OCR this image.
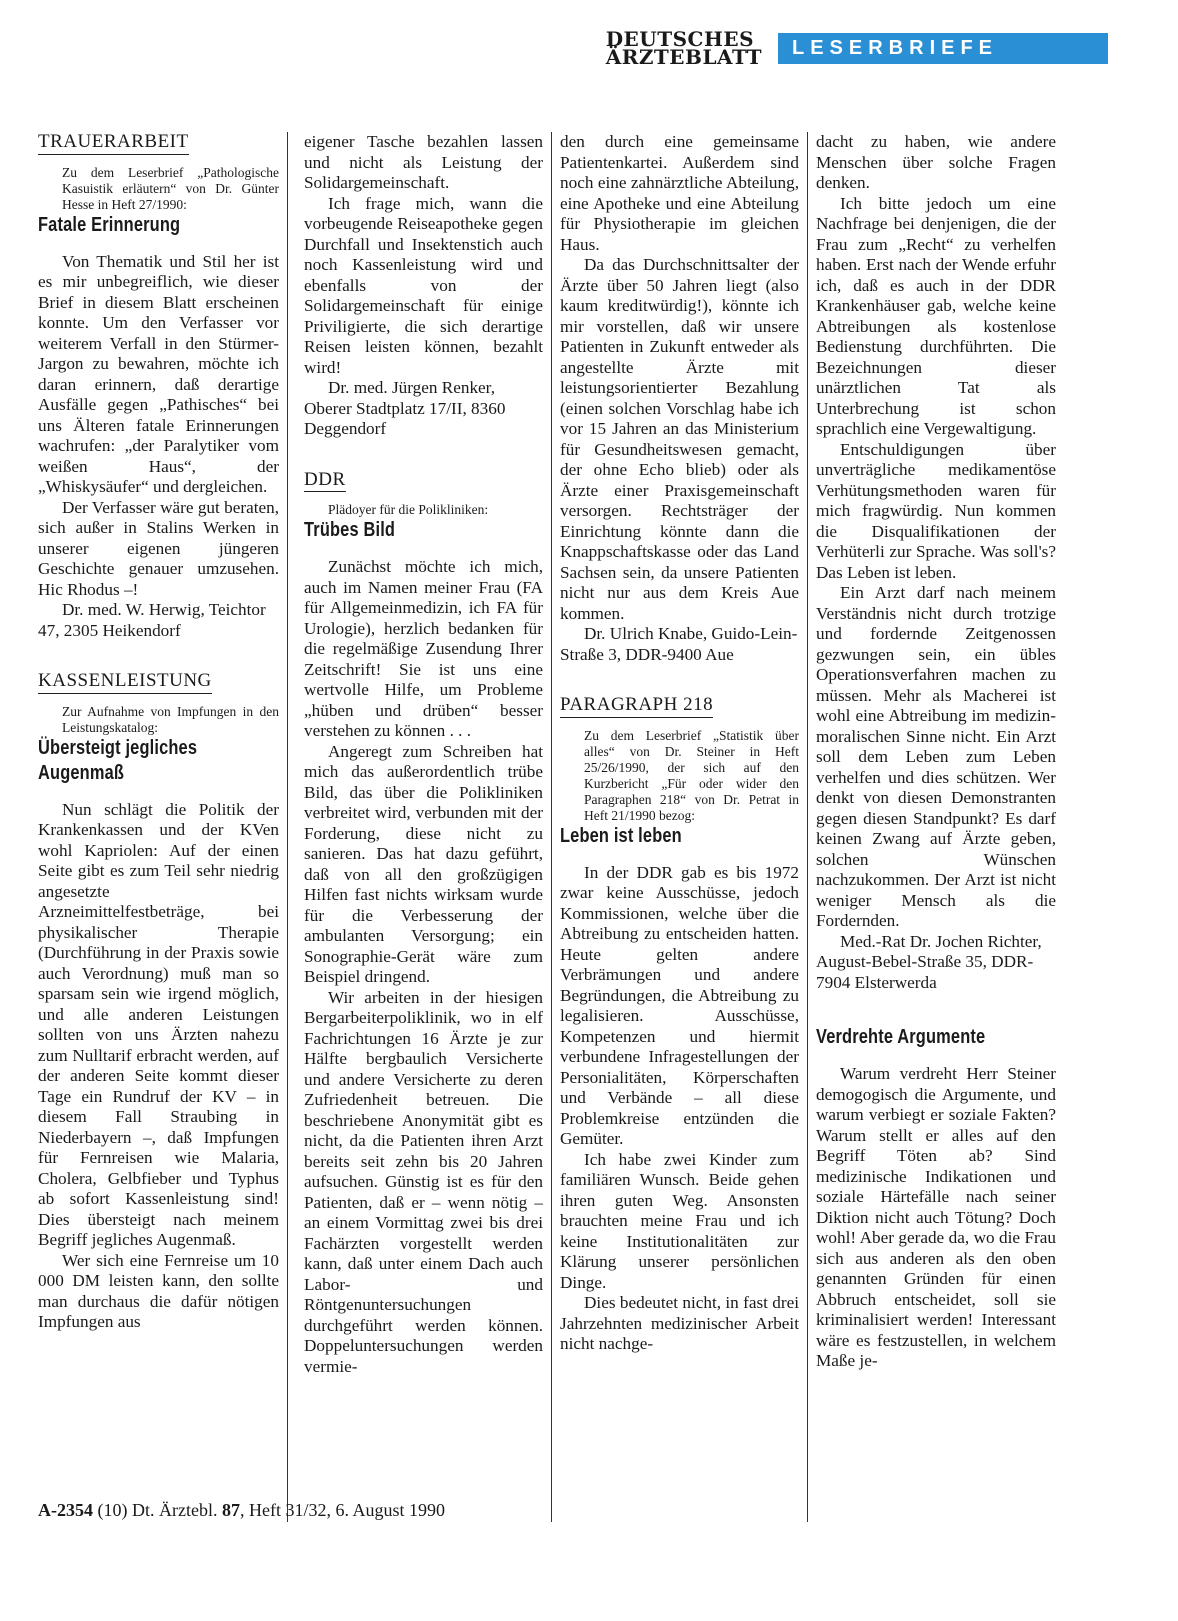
DEUTSCHES
ÄRZTEBLATT	LESERBRIEFE
TRAUERARBEIT

Zu dem Leserbrief „Pathologische Kasuistik erläutern“ von Dr. Günter Hesse in Heft 27/1990:

Fatale Erinnerung

Von Thematik und Stil her ist es mir unbegreiflich, wie dieser Brief in diesem Blatt erscheinen konnte. Um den Verfasser vor weiterem Verfall in den Stürmer-Jargon zu bewahren, möchte ich daran erinnern, daß derartige Ausfälle gegen „Pathisches“ bei uns Älteren fatale Erinnerungen wachrufen: „der Paralytiker vom weißen Haus“, der „Whiskysäufer“ und dergleichen.

Der Verfasser wäre gut beraten, sich außer in Stalins Werken in unserer eigenen jüngeren Geschichte genauer umzusehen. Hic Rhodus –!

Dr. med. W. Herwig, Teichtor 47, 2305 Heikendorf

KASSENLEISTUNG

Zur Aufnahme von Impfungen in den Leistungskatalog:

Übersteigt jegliches Augenmaß

Nun schlägt die Politik der Krankenkassen und der KVen wohl Kapriolen: Auf der einen Seite gibt es zum Teil sehr niedrig angesetzte Arzneimittelfestbeträge, bei physikalischer Therapie (Durchführung in der Praxis sowie auch Verordnung) muß man so sparsam sein wie irgend möglich, und alle anderen Leistungen sollten von uns Ärzten nahezu zum Nulltarif erbracht werden, auf der anderen Seite kommt dieser Tage ein Rundruf der KV – in diesem Fall Straubing in Niederbayern –, daß Impfungen für Fernreisen wie Malaria, Cholera, Gelbfieber und Typhus ab sofort Kassenleistung sind! Dies übersteigt nach meinem Begriff jegliches Augenmaß.

Wer sich eine Fernreise um 10 000 DM leisten kann, den sollte man durchaus die dafür nötigen Impfungen aus

eigener Tasche bezahlen lassen und nicht als Leistung der Solidargemeinschaft.

Ich frage mich, wann die vorbeugende Reiseapotheke gegen Durchfall und Insektenstich auch noch Kassenleistung wird und ebenfalls von der Solidargemeinschaft für einige Priviligierte, die sich derartige Reisen leisten können, bezahlt wird!

Dr. med. Jürgen Renker, Oberer Stadtplatz 17/II, 8360 Deggendorf

DDR

Plädoyer für die Polikliniken:

Trübes Bild

Zunächst möchte ich mich, auch im Namen meiner Frau (FA für Allgemeinmedizin, ich FA für Urologie), herzlich bedanken für die regelmäßige Zusendung Ihrer Zeitschrift! Sie ist uns eine wertvolle Hilfe, um Probleme „hüben und drüben“ besser verstehen zu können . . .

Angeregt zum Schreiben hat mich das außerordentlich trübe Bild, das über die Polikliniken verbreitet wird, verbunden mit der Forderung, diese nicht zu sanieren. Das hat dazu geführt, daß von all den großzügigen Hilfen fast nichts wirksam wurde für die Verbesserung der ambulanten Versorgung; ein Sonographie-Gerät wäre zum Beispiel dringend.

Wir arbeiten in der hiesigen Bergarbeiterpoliklinik, wo in elf Fachrichtungen 16 Ärzte je zur Hälfte bergbaulich Versicherte und andere Versicherte zu deren Zufriedenheit betreuen. Die beschriebene Anonymität gibt es nicht, da die Patienten ihren Arzt bereits seit zehn bis 20 Jahren aufsuchen. Günstig ist es für den Patienten, daß er – wenn nötig – an einem Vormittag zwei bis drei Fachärzten vorgestellt werden kann, daß unter einem Dach auch Labor- und Röntgenuntersuchungen durchgeführt werden können. Doppeluntersuchungen werden vermie-

den durch eine gemeinsame Patientenkartei. Außerdem sind noch eine zahnärztliche Abteilung, eine Apotheke und eine Abteilung für Physiotherapie im gleichen Haus.

Da das Durchschnittsalter der Ärzte über 50 Jahren liegt (also kaum kreditwürdig!), könnte ich mir vorstellen, daß wir unsere Patienten in Zukunft entweder als angestellte Ärzte mit leistungsorientierter Bezahlung (einen solchen Vorschlag habe ich vor 15 Jahren an das Ministerium für Gesundheitswesen gemacht, der ohne Echo blieb) oder als Ärzte einer Praxisgemeinschaft versorgen. Rechtsträger der Einrichtung könnte dann die Knappschaftskasse oder das Land Sachsen sein, da unsere Patienten nicht nur aus dem Kreis Aue kommen.

Dr. Ulrich Knabe, Guido-Lein-Straße 3, DDR-9400 Aue

PARAGRAPH 218

Zu dem Leserbrief „Statistik über alles“ von Dr. Steiner in Heft 25/26/1990, der sich auf den Kurzbericht „Für oder wider den Paragraphen 218“ von Dr. Petrat in Heft 21/1990 bezog:

Leben ist leben

In der DDR gab es bis 1972 zwar keine Ausschüsse, jedoch Kommissionen, welche über die Abtreibung zu entscheiden hatten. Heute gelten andere Verbrämungen und andere Begründungen, die Abtreibung zu legalisieren. Ausschüsse, Kompetenzen und hiermit verbundene Infragestellungen der Personialitäten, Körperschaften und Verbände – all diese Problemkreise entzünden die Gemüter.

Ich habe zwei Kinder zum familiären Wunsch. Beide gehen ihren guten Weg. Ansonsten brauchten meine Frau und ich keine Institutionalitäten zur Klärung unserer persönlichen Dinge.

Dies bedeutet nicht, in fast drei Jahrzehnten medizinischer Arbeit nicht nachge-

dacht zu haben, wie andere Menschen über solche Fragen denken.

Ich bitte jedoch um eine Nachfrage bei denjenigen, die der Frau zum „Recht“ zu verhelfen haben. Erst nach der Wende erfuhr ich, daß es auch in der DDR Krankenhäuser gab, welche keine Abtreibungen als kostenlose Bedienstung durchführten. Die Bezeichnungen dieser unärztlichen Tat als Unterbrechung ist schon sprachlich eine Vergewaltigung.

Entschuldigungen über unverträgliche medikamentöse Verhütungsmethoden waren für mich fragwürdig. Nun kommen die Disqualifikationen der Verhüterli zur Sprache. Was soll's? Das Leben ist leben.

Ein Arzt darf nach meinem Verständnis nicht durch trotzige und fordernde Zeitgenossen gezwungen sein, ein übles Operationsverfahren machen zu müssen. Mehr als Macherei ist wohl eine Abtreibung im medizin-moralischen Sinne nicht. Ein Arzt soll dem Leben zum Leben verhelfen und dies schützen. Wer denkt von diesen Demonstranten gegen diesen Standpunkt? Es darf keinen Zwang auf Ärzte geben, solchen Wünschen nachzukommen. Der Arzt ist nicht weniger Mensch als die Fordernden.

Med.-Rat Dr. Jochen Richter, August-Bebel-Straße 35, DDR-7904 Elsterwerda

Verdrehte Argumente

Warum verdreht Herr Steiner demogogisch die Argumente, und warum verbiegt er soziale Fakten? Warum stellt er alles auf den Begriff Töten ab? Sind medizinische Indikationen und soziale Härtefälle nach seiner Diktion nicht auch Tötung? Doch wohl! Aber gerade da, wo die Frau sich aus anderen als den oben genannten Gründen für einen Abbruch entscheidet, soll sie kriminalisiert werden! Interessant wäre es festzustellen, in welchem Maße je-

A-2354 (10) Dt. Ärztebl. 87, Heft 31/32, 6. August 1990
